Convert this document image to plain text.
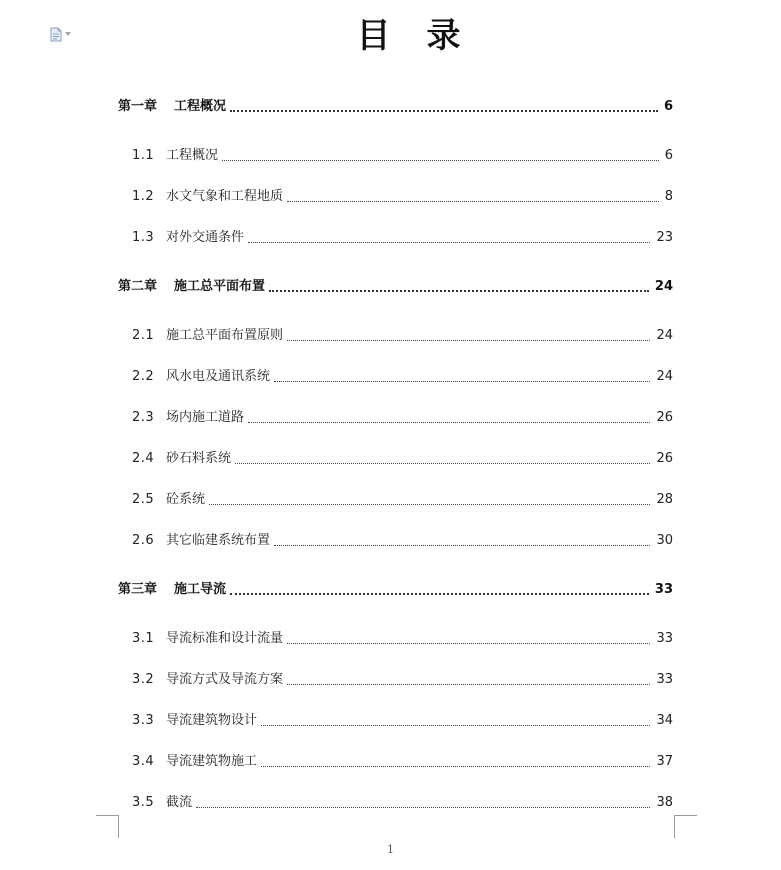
目录
第一章	工程概况	6
1.1 工程概况	6
1.2 水文气象和工程地质	8
1.3 对外交通条件	23
第二章	施工总平面布置	24
2.1 施工总平面布置原则	24
2.2 风水电及通讯系统	24
2.3 场内施工道路	26
2.4 砂石料系统	26
2.5 砼系统	28
2.6 其它临建系统布置	30
第三章	施工导流	33
3.1 导流标准和设计流量	33
3.2 导流方式及导流方案	33
3.3 导流建筑物设计	34
3.4 导流建筑物施工	37
3.5 截流	38
1
